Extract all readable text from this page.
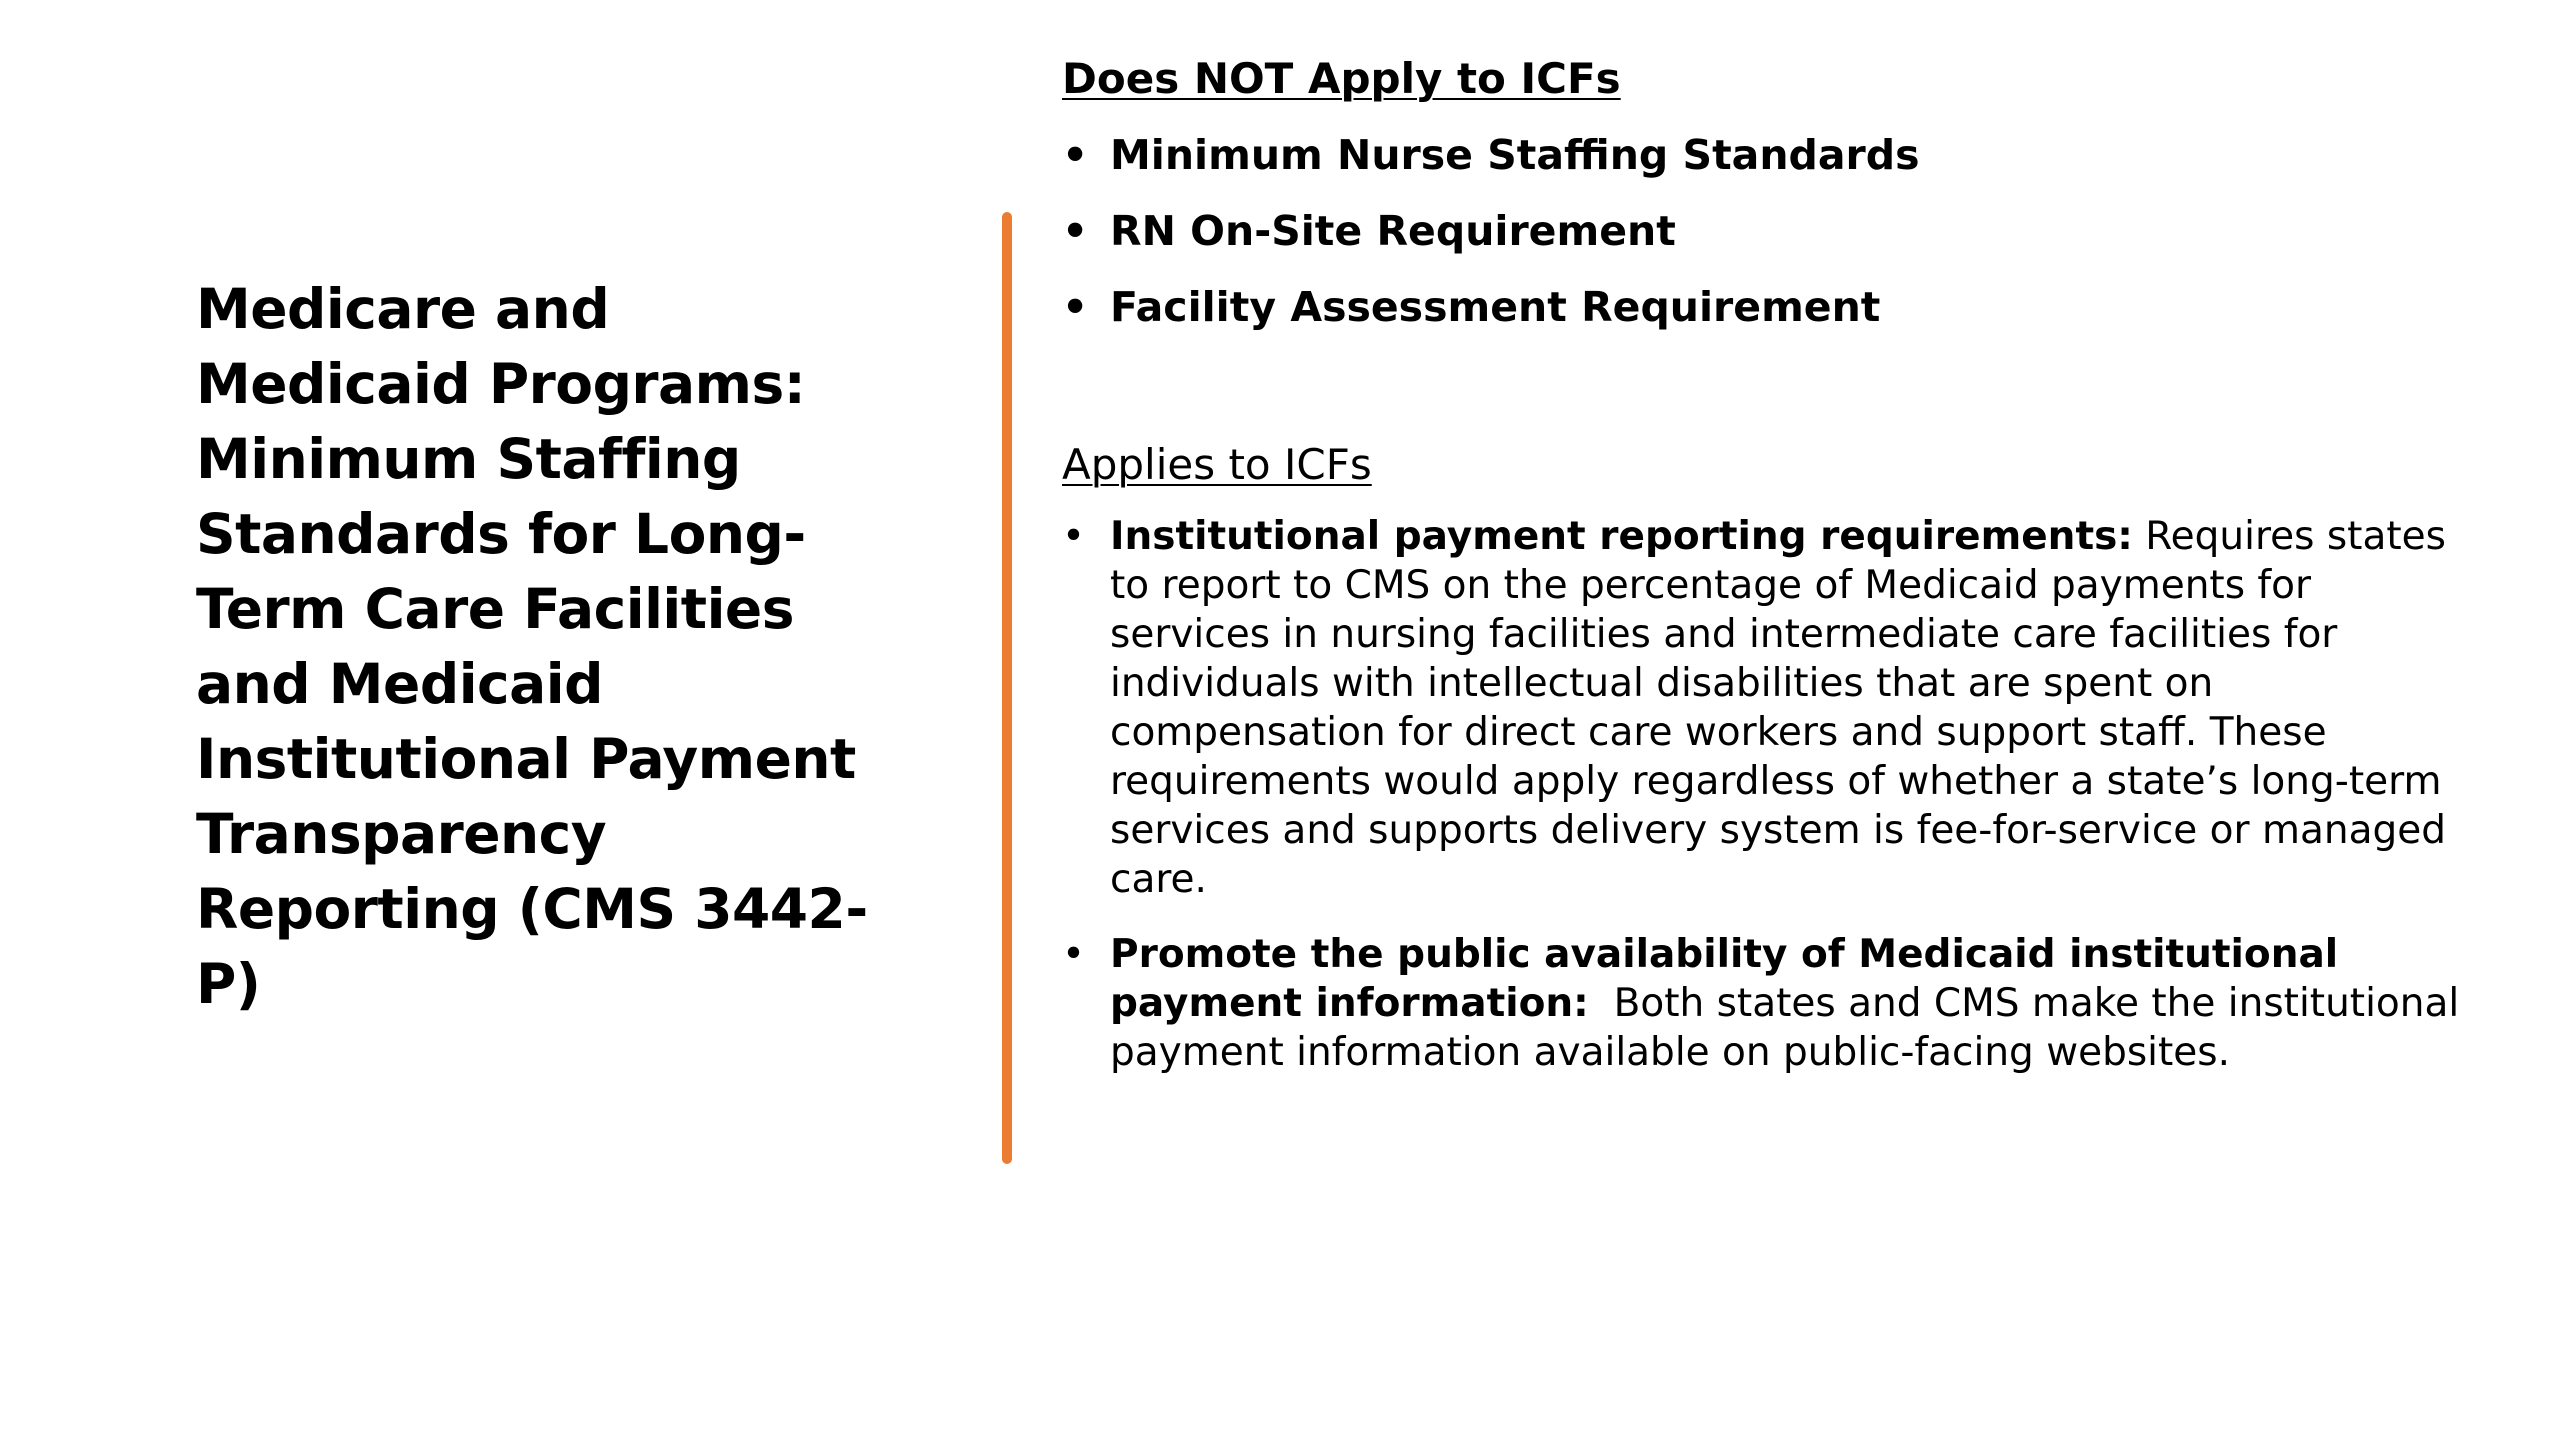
Medicare and Medicaid Programs: Minimum Staffing Standards for Long-Term Care Facilities and Medicaid Institutional Payment Transparency Reporting (CMS 3442-P)

Does NOT Apply to ICFs

• Minimum Nurse Staffing Standards
• RN On-Site Requirement
• Facility Assessment Requirement

Applies to ICFs

• Institutional payment reporting requirements: Requires states to report to CMS on the percentage of Medicaid payments for services in nursing facilities and intermediate care facilities for individuals with intellectual disabilities that are spent on compensation for direct care workers and support staff. These requirements would apply regardless of whether a state’s long-term services and supports delivery system is fee-for-service or managed care.
• Promote the public availability of Medicaid institutional payment information:  Both states and CMS make the institutional payment information available on public-facing websites.
